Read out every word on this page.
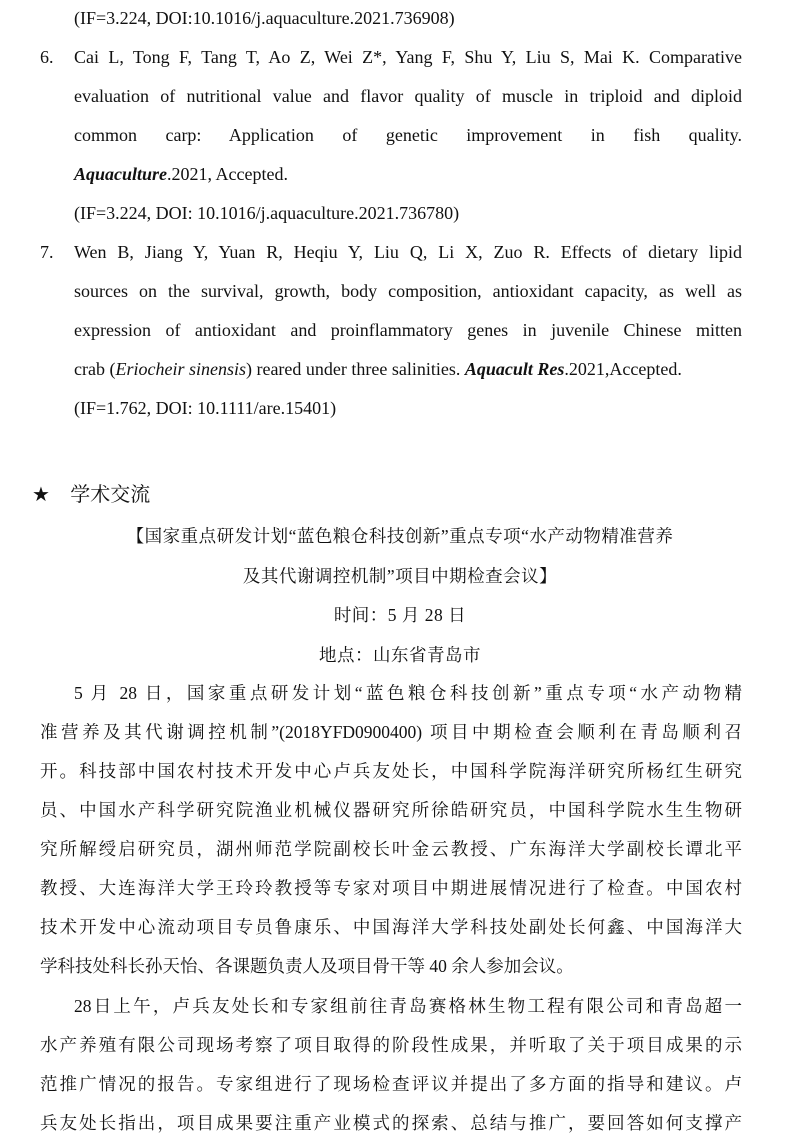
(IF=3.224, DOI:10.1016/j.aquaculture.2021.736908)
6. Cai L, Tong F, Tang T, Ao Z, Wei Z*, Yang F, Shu Y, Liu S, Mai K. Comparative
evaluation of nutritional value and flavor quality of muscle in triploid and diploid
common carp: Application of genetic improvement in fish quality.
Aquaculture.2021, Accepted.
(IF=3.224, DOI: 10.1016/j.aquaculture.2021.736780)
7. Wen B, Jiang Y, Yuan R, Heqiu Y, Liu Q, Li X, Zuo R. Effects of dietary lipid
sources on the survival, growth, body composition, antioxidant capacity, as well as
expression of antioxidant and proinflammatory genes in juvenile Chinese mitten
crab (Eriocheir sinensis) reared under three salinities. Aquacult Res.2021,Accepted.
(IF=1.762, DOI: 10.1111/are.15401)
★ 学术交流
【国家重点研发计划“蓝色粮仓科技创新”重点专项“水产动物精准营养
及其代谢调控机制”项目中期检查会议】
时间：5 月 28 日
地点：山东省青岛市
5 月 28 日，国家重点研发计划“蓝色粮仓科技创新”重点专项“水产动物精
准营养及其代谢调控机制”(2018YFD0900400) 项目中期检查会顺利在青岛顺利召
开。科技部中国农村技术开发中心卢兵友处长，中国科学院海洋研究所杨红生研究
员、中国水产科学研究院渔业机械仪器研究所徐皓研究员，中国科学院水生生物研
究所解绶启研究员，湖州师范学院副校长叶金云教授、广东海洋大学副校长谭北平
教授、大连海洋大学王玲玲教授等专家对项目中期进展情况进行了检查。中国农村
技术开发中心流动项目专员鲁康乐、中国海洋大学科技处副处长何鑫、中国海洋大
学科技处科长孙天怡、各课题负责人及项目骨干等 40 余人参加会议。
28日上午，卢兵友处长和专家组前往青岛赛格林生物工程有限公司和青岛超一
水产养殖有限公司现场考察了项目取得的阶段性成果，并听取了关于项目成果的示
范推广情况的报告。专家组进行了现场检查评议并提出了多方面的指导和建议。卢
兵友处长指出，项目成果要注重产业模式的探索、总结与推广，要回答如何支撑产
